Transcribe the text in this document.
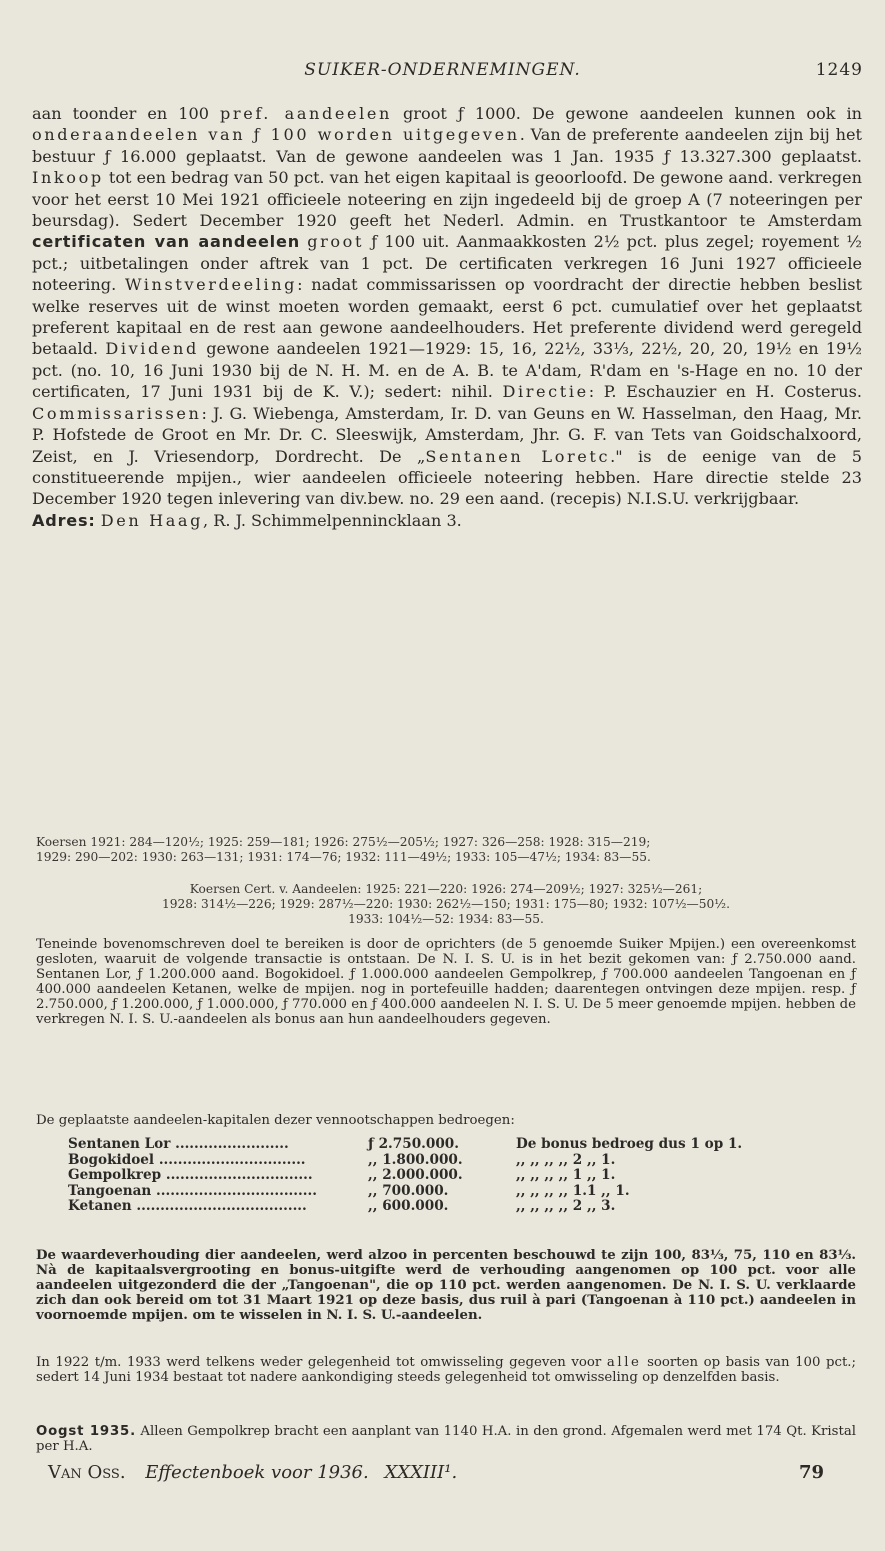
SUIKER-ONDERNEMINGEN.	1249
aan toonder en 100 pref. aandeelen groot ƒ 1000. De gewone aandeelen kunnen ook in onderaandeelen van ƒ 100 worden uitgegeven. Van de preferente aandeelen zijn bij het bestuur ƒ 16.000 geplaatst. Van de gewone aandeelen was 1 Jan. 1935 ƒ 13.327.300 geplaatst. Inkoop tot een bedrag van 50 pct. van het eigen kapitaal is geoorloofd. De gewone aand. verkregen voor het eerst 10 Mei 1921 officieele noteering en zijn ingedeeld bij de groep A (7 noteeringen per beursdag). Sedert December 1920 geeft het Nederl. Admin. en Trustkantoor te Amsterdam certificaten van aandeelen groot ƒ 100 uit. Aanmaakkosten 2½ pct. plus zegel; royement ½ pct.; uitbetalingen onder aftrek van 1 pct. De certificaten verkregen 16 Juni 1927 officieele noteering. Winstverdeeling: nadat commissarissen op voordracht der directie hebben beslist welke reserves uit de winst moeten worden gemaakt, eerst 6 pct. cumulatief over het geplaatst preferent kapitaal en de rest aan gewone aandeelhouders. Het preferente dividend werd geregeld betaald. Dividend gewone aandeelen 1921—1929: 15, 16, 22½, 33⅓, 22½, 20, 20, 19½ en 19½ pct. (no. 10, 16 Juni 1930 bij de N. H. M. en de A. B. te A'dam, R'dam en 's-Hage en no. 10 der certificaten, 17 Juni 1931 bij de K. V.); sedert: nihil. Directie: P. Eschauzier en H. Costerus. Commissarissen: J. G. Wiebenga, Amsterdam, Ir. D. van Geuns en W. Hasselman, den Haag, Mr. P. Hofstede de Groot en Mr. Dr. C. Sleeswijk, Amsterdam, Jhr. G. F. van Tets van Goidschalxoord, Zeist, en J. Vriesendorp, Dordrecht. De „Sentanen Loretc." is de eenige van de 5 constitueerende mpijen., wier aandeelen officieele noteering hebben. Hare directie stelde 23 December 1920 tegen inlevering van div.bew. no. 29 een aand. (recepis) N.I.S.U. verkrijgbaar.
Adres: Den Haag, R. J. Schimmelpennincklaan 3.
Koersen 1921: 284—120½; 1925: 259—181; 1926: 275½—205½; 1927: 326—258: 1928: 315—219;
1929: 290—202: 1930: 263—131; 1931: 174—76; 1932: 111—49½; 1933: 105—47½; 1934: 83—55.
Koersen Cert. v. Aandeelen: 1925: 221—220: 1926: 274—209½; 1927: 325½—261;
1928: 314½—226; 1929: 287½—220: 1930: 262½—150; 1931: 175—80; 1932: 107½—50½.
1933: 104½—52: 1934: 83—55.
Teneinde bovenomschreven doel te bereiken is door de oprichters (de 5 genoemde Suiker Mpijen.) een overeenkomst gesloten, waaruit de volgende transactie is ontstaan. De N. I. S. U. is in het bezit gekomen van: ƒ 2.750.000 aand. Sentanen Lor, ƒ 1.200.000 aand. Bogokidoel. ƒ 1.000.000 aandeelen Gempolkrep, ƒ 700.000 aandeelen Tangoenan en ƒ 400.000 aandeelen Ketanen, welke de mpijen. nog in portefeuille hadden; daarentegen ontvingen deze mpijen. resp. ƒ 2.750.000, ƒ 1.200.000, ƒ 1.000.000, ƒ 770.000 en ƒ 400.000 aandeelen N. I. S. U. De 5 meer genoemde mpijen. hebben de verkregen N. I. S. U.-aandeelen als bonus aan hun aandeelhouders gegeven.
De geplaatste aandeelen-kapitalen dezer vennootschappen bedroegen:
Sentanen Lor ........................	ƒ 2.750.000.	De bonus bedroeg dus 1 op 1.
Bogokidoel ...............................	,, 1.800.000.	,, ,, ,, ,, 2 ,, 1.
Gempolkrep ...............................	,, 2.000.000.	,, ,, ,, ,, 1 ,, 1.
Tangoenan ..................................	,, 700.000.	,, ,, ,, ,, 1.1 ,, 1.
Ketanen ....................................	,, 600.000.	,, ,, ,, ,, 2 ,, 3.
De waardeverhouding dier aandeelen, werd alzoo in percenten beschouwd te zijn 100, 83⅓, 75, 110 en 83⅓. Nà de kapitaalsvergrooting en bonus-uitgifte werd de verhouding aangenomen op 100 pct. voor alle aandeelen uitgezonderd die der „Tangoenan", die op 110 pct. werden aangenomen. De N. I. S. U. verklaarde zich dan ook bereid om tot 31 Maart 1921 op deze basis, dus ruil à pari (Tangoenan à 110 pct.) aandeelen in voornoemde mpijen. om te wisselen in N. I. S. U.-aandeelen.
In 1922 t/m. 1933 werd telkens weder gelegenheid tot omwisseling gegeven voor alle soorten op basis van 100 pct.; sedert 14 Juni 1934 bestaat tot nadere aankondiging steeds gelegenheid tot omwisseling op denzelfden basis.
Oogst 1935. Alleen Gempolkrep bracht een aanplant van 1140 H.A. in den grond. Afgemalen werd met 174 Qt. Kristal per H.A.
Van Oss. Effectenboek voor 1936. XXXIII¹.	79
